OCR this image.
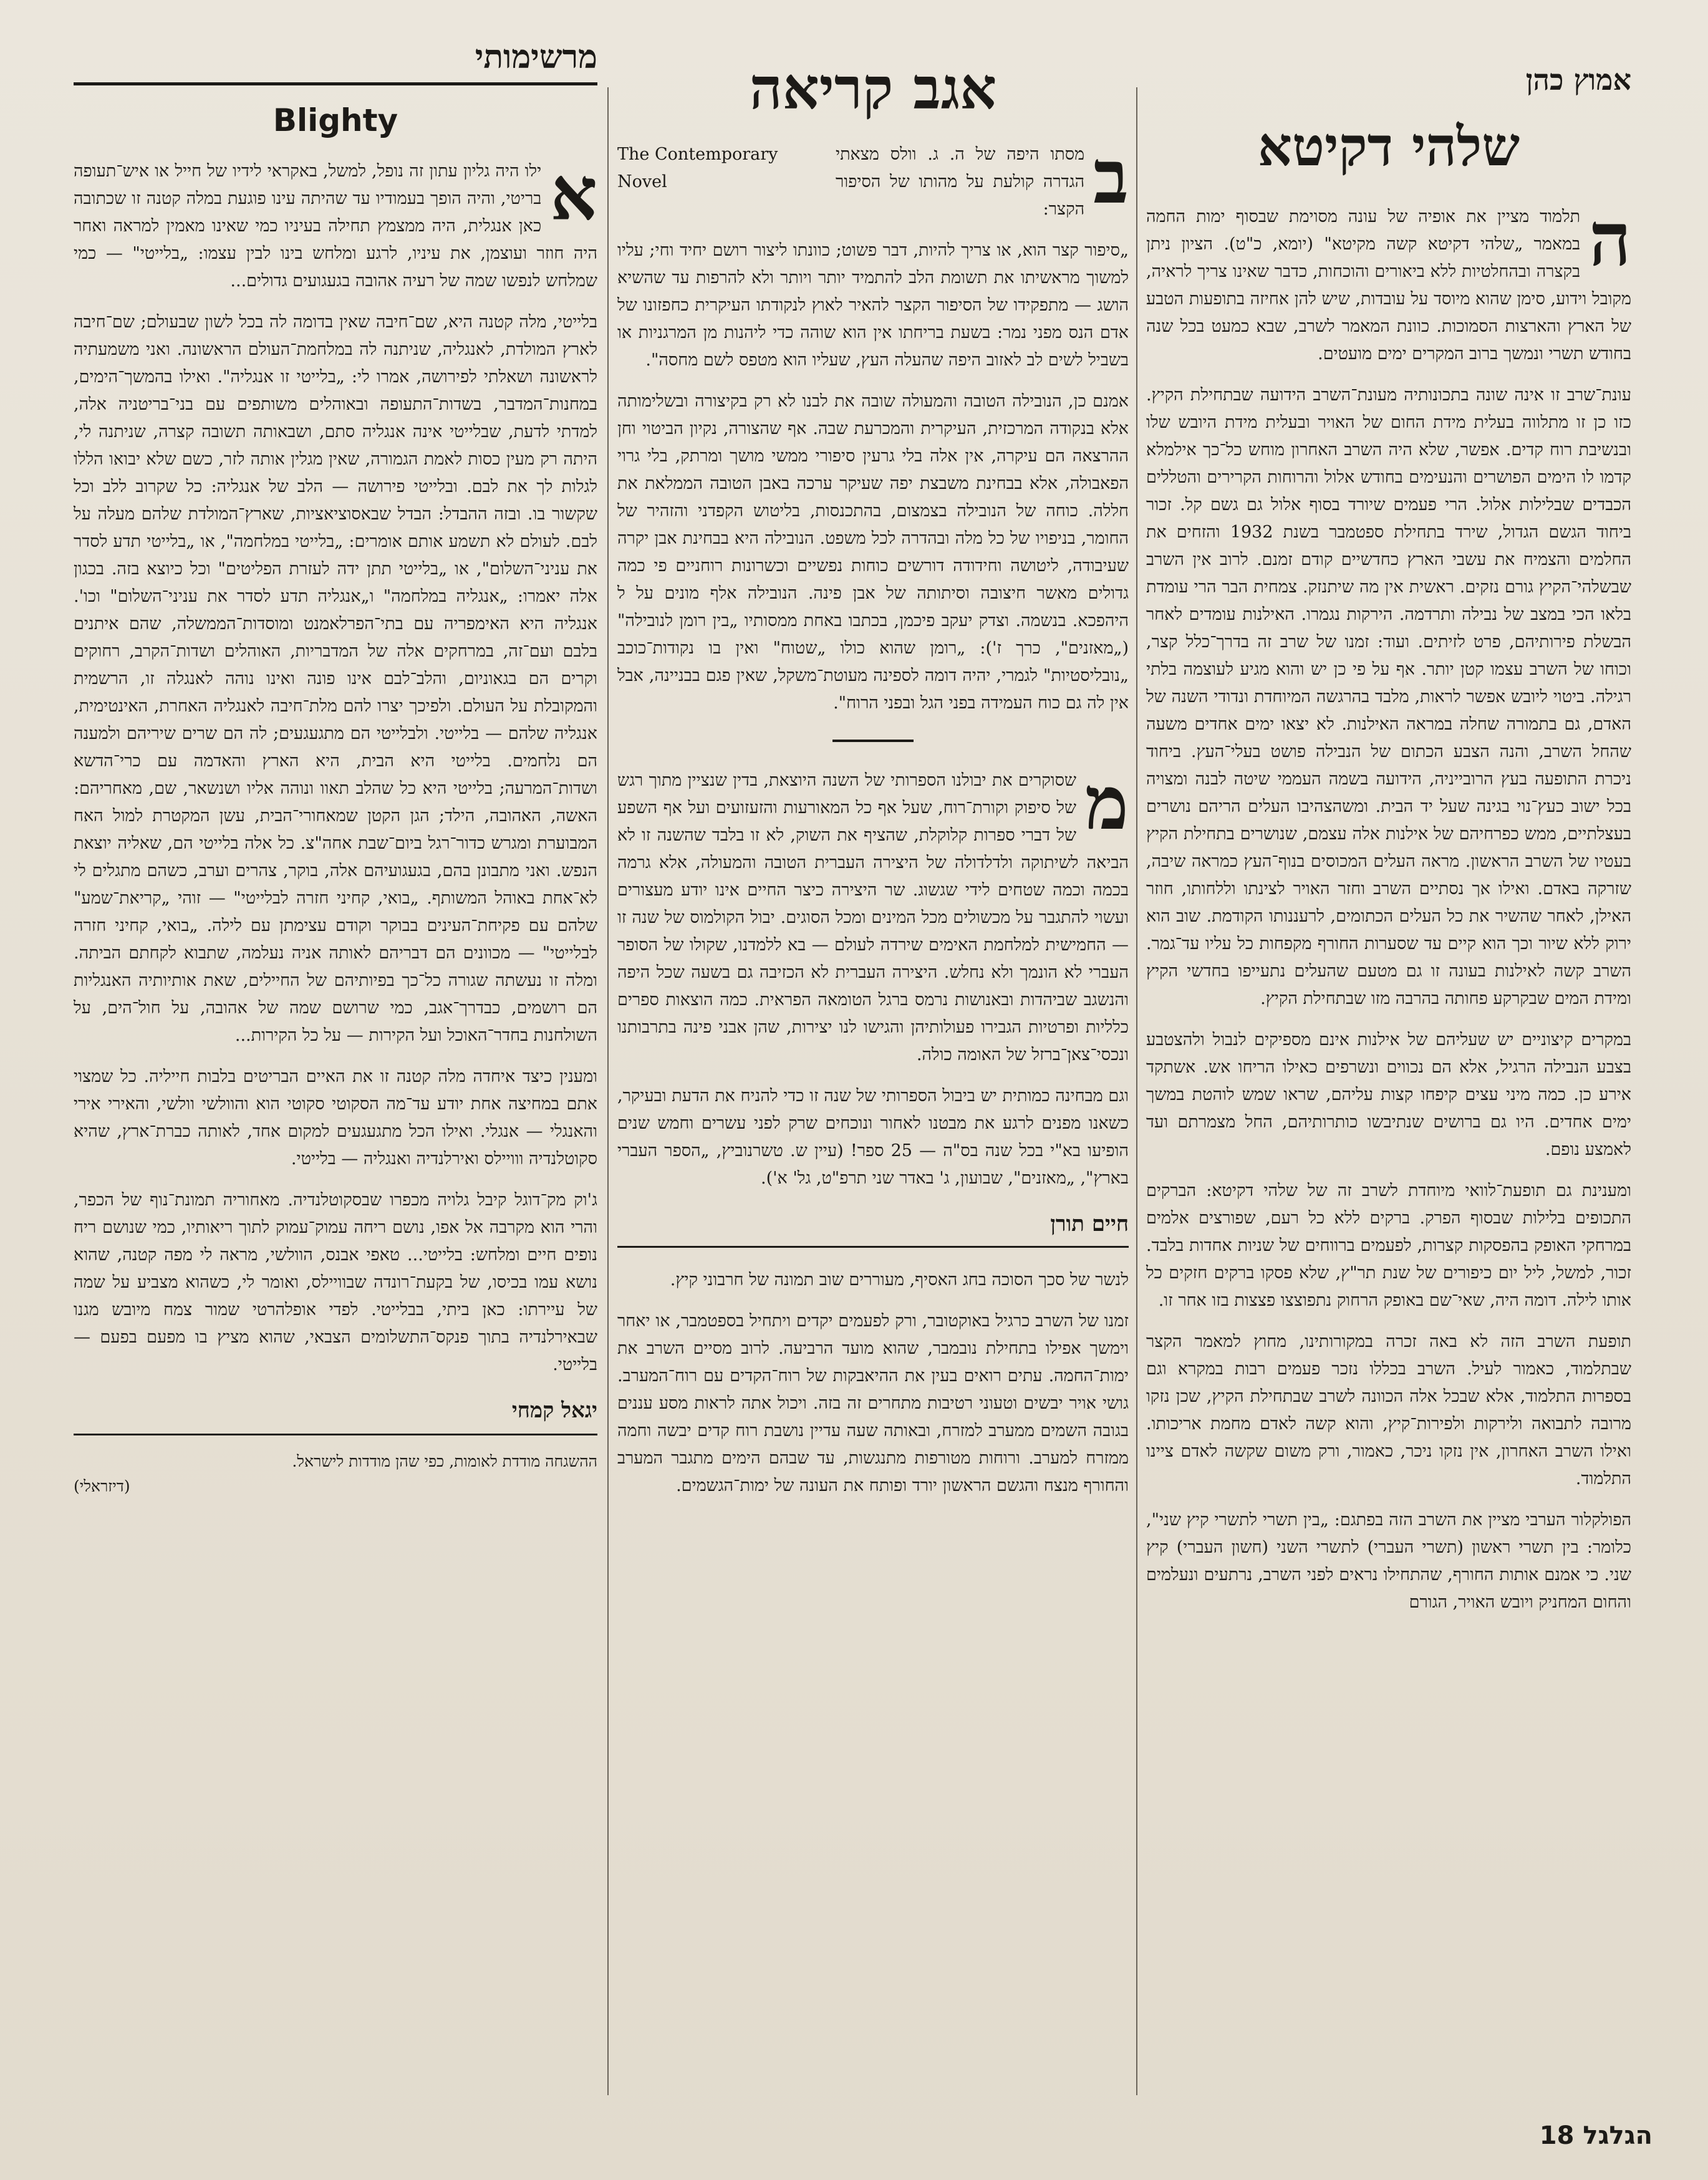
אמוץ כהן
שלהי דקיטא

ה
תלמוד מציין את אופיה של עונה מסוימת שבסוף ימות החמה במאמר „שלהי דקיטא קשה מקיטא" (יומא, כ"ט). הציון ניתן בקצרה ובהחלטיות ללא ביאורים והוכחות, כדבר שאינו צריך לראיה, מקובל וידוע, סימן שהוא מיוסד על עובדות, שיש להן אחיזה בתופעות הטבע של הארץ והארצות הסמוכות. כוונת המאמר לשרב, שבא כמעט בכל שנה בחודש תשרי ונמשך ברוב המקרים ימים מועטים.

עונת־שרב זו אינה שונה בתכונותיה מעונת־השרב הידועה שבתחילת הקיץ. כזו כן זו מתלווה בעלית מידת החום של האויר ובעלית מידת היובש שלו ובנשיבת רוח קדים. אפשר, שלא היה השרב האחרון מוחש כל־כך אילמלא קדמו לו הימים הפושרים והנעימים בחודש אלול והרוחות הקרירים והטללים הכבדים שבלילות אלול. הרי פעמים שיורד בסוף אלול גם גשם קל. זכור ביחוד הגשם הגדול, שירד בתחילת ספטמבר בשנת 1932 והזחים את החלמים והצמיח את עשבי הארץ כחדשיים קודם זמנם. לרוב אין השרב שבשלהי־הקיץ גורם נזקים. ראשית אין מה שיתנזק. צמחית הבר הרי עומדת בלאו הכי במצב של נבילה ותרדמה. הירקות נגמרו. האילנות עומדים לאחר הבשלת פירותיהם, פרט לזיתים. ועוד: זמנו של שרב זה בדרך־כלל קצר, וכוחו של השרב עצמו קטן יותר. אף על פי כן יש והוא מגיע לעוצמה בלתי רגילה. ביטוי ליובש אפשר לראות, מלבד בהרגשה המיוחדת ונדודי השנה של האדם, גם בתמורה שחלה במראה האילנות. לא יצאו ימים אחדים משעה שהחל השרב, והנה הצבע הכתום של הנבילה פושט בעלי־העץ. ביחוד ניכרת התופעה בעץ הרובייניה, הידועה בשמה העממי שיטה לבנה ומצויה בכל ישוב כעץ־נוי בגינה שעל יד הבית. ומשהצהיבו העלים הריהם נושרים בעצלתיים, ממש כפרחיהם של אילנות אלה עצמם, שנושרים בתחילת הקיץ בעטיו של השרב הראשון. מראה העלים המכוסים בנוף־העץ כמראה שיבה, שזרקה באדם. ואילו אך נסתיים השרב וחזר האויר לצינתו וללחותו, חוזר האילן, לאחר שהשיר את כל העלים הכתומים, לרעננותו הקודמת. שוב הוא ירוק ללא שיור וכך הוא קיים עד שסערות החורף מקפחות כל עליו עד־גמר. השרב קשה לאילנות בעונה זו גם מטעם שהעלים נתעייפו בחדשי הקיץ ומידת המים שבקרקע פחותה בהרבה מזו שבתחילת הקיץ.

במקרים קיצוניים יש שעליהם של אילנות אינם מספיקים לנבול ולהצטבע בצבע הנבילה הרגיל, אלא הם נכווים ונשרפים כאילו הריחו אש. אשתקד אירע כן. כמה מיני עצים קיפחו קצות עליהם, שראו שמש לוהטת במשך ימים אחדים. היו גם ברושים שנתיבשו כותרותיהם, החל מצמרתם ועד לאמצע נופם.

ומענינת גם תופעת־לוואי מיוחדת לשרב זה של שלהי דקיטא: הברקים התכופים בלילות שבסוף הפרק. ברקים ללא כל רעם, שפורצים אלמים במרחקי האופק בהפסקות קצרות, לפעמים ברווחים של שניות אחדות בלבד. זכור, למשל, ליל יום כיפורים של שנת תר"ץ, שלא פסקו ברקים חזקים כל אותו לילה. דומה היה, שאי־שם באופק הרחוק נתפוצצו פצצות בזו אחר זו.

תופעת השרב הזה לא באה זכרה במקורותינו, מחוץ למאמר הקצר שבתלמוד, כאמור לעיל. השרב בכללו נזכר פעמים רבות במקרא וגם בספרות התלמוד, אלא שבכל אלה הכוונה לשרב שבתחילת הקיץ, שכן נזקו מרובה לתבואה ולירקות ולפירות־קיץ, והוא קשה לאדם מחמת אריכותו. ואילו השרב האחרון, אין נזקו ניכר, כאמור, ורק משום שקשה לאדם ציינו התלמוד.

הפולקלור הערבי מציין את השרב הזה בפתגם: „בין תשרי לתשרי קיץ שני", כלומר: בין תשרי ראשון (תשרי העברי) לתשרי השני (חשון העברי) קיץ שני. כי אמנם אותות החורף, שהתחילו נראים לפני השרב, נרתעים ונעלמים והחום המחניק ויובש האויר, הגורם

אגב קריאה

ב
The Contemporary Novel
מסתו היפה של ה. ג. וולס מצאתי הגדרה קולעת על מהותו של הסיפור הקצר:

„סיפור קצר הוא, או צריך להיות, דבר פשוט; כוונתו ליצור רושם יחיד וחי; עליו למשוך מראשיתו את תשומת הלב להתמיד יותר ויותר ולא להרפות עד שהשיא הושג — מתפקידו של הסיפור הקצר להאיר לאוץ לנקודתו העיקרית כחפזונו של אדם הנס מפני נמר: בשעת בריחתו אין הוא שוהה כדי ליהנות מן המרגניות או בשביל לשים לב לאזוב היפה שהעלה העץ, שעליו הוא מטפס לשם מחסה".

אמנם כן, הנובילה הטובה והמעולה שובה את לבנו לא רק בקיצורה ובשלימותה אלא בנקודה המרכזית, העיקרית והמכרעת שבה. אף שהצורה, נקיון הביטוי וחן ההרצאה הם עיקרה, אין אלה בלי גרעין סיפורי ממשי מושך ומרתק, בלי גרוי הפאבולה, אלא בבחינת משבצת יפה שעיקר ערכה באבן הטובה הממלאת את חללה. כוחה של הנובילה בצמצום, בהתכנסות, בליטוש הקפדני והזהיר של החומר, בניפויו של כל מלה ובהדרה לכל משפט. הנובילה היא בבחינת אבן יקרה שעיבודה, ליטושה וחידודה דורשים כוחות נפשיים וכשרונות רוחניים פי כמה גדולים מאשר חיצובה וסיתותה של אבן פינה. הנובילה אלף מונים על ל היהפכא. בנשמה. וצדק יעקב פיכמן, בכתבו באחת ממסותיו „בין רומן לנובילה" („מאזנים", כרך ז'): „רומן שהוא כולו „שטוח" ואין בו נקודות־כוכב „נובליסטיות" לגמרי, יהיה דומה לספינה מעוטת־משקל, שאין פגם בבניינה, אבל אין לה גם כוח העמידה בפני הגל ובפני הרוח".

מ
שסוקרים את יבולנו הספרותי של השנה היוצאת, בדין שנציין מתוך רגש של סיפוק וקורת־רוח, שעל אף כל המאורעות והזעזועים ועל אף השפע של דברי ספרות קלוקלת, שהציף את השוק, לא זו בלבד שהשנה זו לא הביאה לשיתוקה ולדלדולה של היצירה העברית הטובה והמעולה, אלא גרמה בכמה וכמה שטחים לידי שגשוג. שר היצירה כיצר החיים אינו יודע מעצורים ועשוי להתגבר על מכשולים מכל המינים ומכל הסוגים. יבול הקולמוס של שנה זו — החמישית למלחמת האימים שירדה לעולם — בא ללמדנו, שקולו של הסופר העברי לא הונמך ולא נחלש. היצירה העברית לא הכזיבה גם בשעה שכל היפה והנשגב שביהדות ובאנושות נרמס ברגל הטומאה הפראית. כמה הוצאות ספרים כלליות ופרטיות הגבירו פעולותיהן והגישו לנו יצירות, שהן אבני פינה בתרבותנו ונכסי־צאן־ברזל של האומה כולה.

וגם מבחינה כמותית יש ביבול הספרותי של שנה זו כדי להניח את הדעת ובעיקר, כשאנו מפנים לרגע את מבטנו לאחור ונוכחים שרק לפני עשרים וחמש שנים הופיעו בא"י בכל שנה בס"ה — 25 ספר! (עיין ש. טשרנוביץ, „הספר העברי בארץ", „מאזנים", שבועון, ג' באדר שני תרפ"ט, גל' א').

חיים תורן

לנשר של סכך הסוכה בחג האסיף, מעוררים שוב תמונה של חרבוני קיץ.

זמנו של השרב כרגיל באוקטובר, ורק לפעמים יקדים ויתחיל בספטמבר, או יאחר וימשך אפילו בתחילת נובמבר, שהוא מועד הרביעה. לרוב מסיים השרב את ימות־החמה. עתים רואים בעין את ההיאבקות של רוח־הקדים עם רוח־המערב. גושי אויר יבשים וטעוני רטיבות מתחרים זה בזה. ויכול אתה לראות מסע עננים בגובה השמים ממערב למזרח, ובאותה שעה עדיין נושבת רוח קדים יבשה וחמה ממזרח למערב. ורוחות מטורפות מתנגשות, עד שבהם הימים מתגבר המערב והחורף מנצח והגשם הראשון יורד ופותח את העונה של ימות־הגשמים.

מרשימותי
Blighty

א
ילו היה גליון עתון זה נופל, למשל, באקראי לידיו של חייל או איש־תעופה בריטי, והיה הופך בעמודיו עד שהיתה עינו פוגעת במלה קטנה זו שכתובה כאן אנגלית, היה ממצמץ תחילה בעיניו כמי שאינו מאמין למראה ואחר היה חוזר ועוצמן, את עיניו, לרגע ומלחש בינו לבין עצמו: „בלייטי" — כמי שמלחש לנפשו שמה של רעיה אהובה בגעגועים גדולים...

בלייטי, מלה קטנה היא, שם־חיבה שאין בדומה לה בכל לשון שבעולם; שם־חיבה לארץ המולדת, לאנגליה, שניתנה לה במלחמת־העולם הראשונה. ואני משמעתיה לראשונה ושאלתי לפירושה, אמרו לי: „בלייטי זו אנגליה". ואילו בהמשך־הימים, במחנות־המדבר, בשדות־התעופה ובאוהלים משותפים עם בני־בריטניה אלה, למדתי לדעת, שבלייטי אינה אנגליה סתם, ושבאותה תשובה קצרה, שניתנה לי, היתה רק מעין כסות לאמת הגמורה, שאין מגלין אותה לזר, כשם שלא יבואו הללו לגלות לך את לבם. ובלייטי פירושה — הלב של אנגליה: כל שקרוב ללב וכל שקשור בו. ובזה ההבדל: הבדל שבאסוציאציות, שארץ־המולדת שלהם מעלה על לבם. לעולם לא תשמע אותם אומרים: „בלייטי במלחמה", או „בלייטי תדע לסדר את עניני־השלום", או „בלייטי תתן ידה לעזרת הפליטים" וכל כיוצא בזה. בכגון אלה יאמרו: „אנגליה במלחמה" ו„אנגליה תדע לסדר את עניני־השלום" וכו'. אנגליה היא האימפריה עם בתי־הפרלאמנט ומוסדות־הממשלה, שהם איתנים בלבם ועם־זה, במרחקים אלה של המדבריות, האוהלים ושדות־הקרב, רחוקים וקרים הם בגאוניום, והלב־לבם אינו פונה ואינו נוהה לאנגלה זו, הרשמית והמקובלת על העולם. ולפיכך יצרו להם מלת־חיבה לאנגליה האחרת, האינטימית, אנגליה שלהם — בלייטי. ולבלייטי הם מתגעגעים; לה הם שרים שיריהם ולמענה הם נלחמים. בלייטי היא הבית, היא הארץ והאדמה עם כרי־הדשא ושדות־המרעה; בלייטי היא כל שהלב תאוו ונוהה אליו ושנשאר, שם, מאחריהם: האשה, האהובה, הילד; הגן הקטן שמאחורי־הבית, עשן המקטרת למול האח המבוערת ומגרש כדור־רגל ביום־שבת אחה"צ. כל אלה בלייטי הם, שאליה יוצאת הנפש. ואני מתבונן בהם, בגעגועיהם אלה, בוקר, צהרים וערב, כשהם מתגלים לי לא־אחת באוהל המשותף. „בואי, קחיני חזרה לבלייטי" — זוהי „קריאת־שמע" שלהם עם פקיחת־העינים בבוקר וקודם עצימתן עם לילה. „בואי, קחיני חזרה לבלייטי" — מכוונים הם דבריהם לאותה אניה נעלמה, שתבוא לקחתם הביתה. ומלה זו נעשתה שגורה כל־כך בפיותיהם של החיילים, שאת אותיותיה האנגליות הם רושמים, כבדרך־אגב, כמי שרושם שמה של אהובה, על חול־הים, על השולחנות בחדר־האוכל ועל הקירות — על כל הקירות...

ומענין כיצד איחדה מלה קטנה זו את האיים הבריטים בלבות חייליה. כל שמצוי אתם במחיצה אחת יודע עד־מה הסקוטי סקוטי הוא והוולשי וולשי, והאירי אירי והאנגלי — אנגלי. ואילו הכל מתגעגעים למקום אחד, לאותה כברת־ארץ, שהיא סקוטלנדיה ווויילס ואירלנדיה ואנגליה — בלייטי.

ג'וק מק־דוגל קיבל גלויה מכפרו שבסקוטלנדיה. מאחוריה תמונת־נוף של הכפר, והרי הוא מקרבה אל אפו, נושם ריחה עמוק־עמוק לתוך ריאותיו, כמי שנושם ריח נופים חיים ומלחש: בלייטי... טאפי אבנס, הוולשי, מראה לי מפה קטנה, שהוא נושא עמו בכיסו, של בקעת־רונדה שבוויילס, ואומר לי, כשהוא מצביע על שמה של עיירתו: כאן ביתי, בבלייטי. לפדי אופלהרטי שמור צמח מיובש מגנו שבאירלנדיה בתוך פנקס־התשלומים הצבאי, שהוא מציץ בו מפעם בפעם — בלייטי.

יגאל קמחי
ההשגחה מודדת לאומות, כפי שהן מודדות לישראל.
(דיזראלי)
הגלגל 18
